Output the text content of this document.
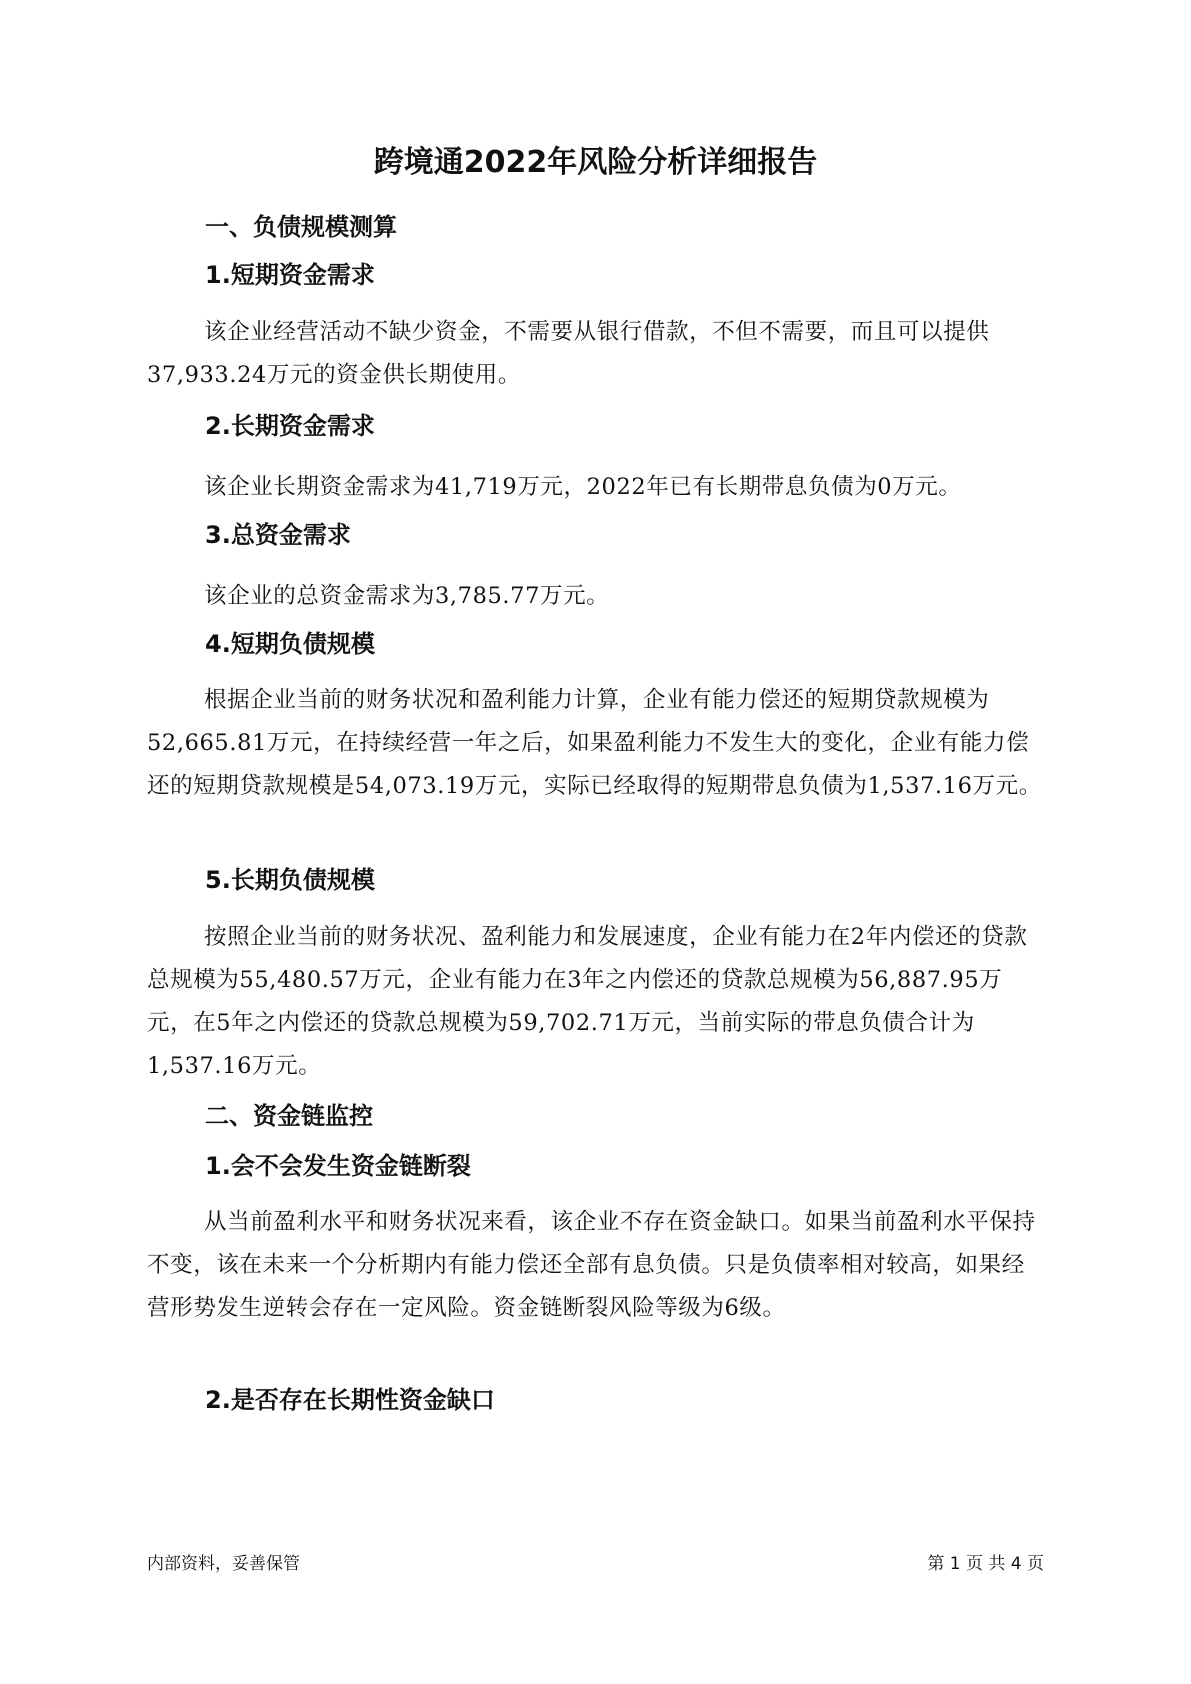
跨境通2022年风险分析详细报告
一、负债规模测算
1.短期资金需求

该企业经营活动不缺少资金，不需要从银行借款，不但不需要，而且可以提供37,933.24万元的资金供长期使用。

2.长期资金需求

该企业长期资金需求为41,719万元，2022年已有长期带息负债为0万元。

3.总资金需求

该企业的总资金需求为3,785.77万元。

4.短期负债规模

根据企业当前的财务状况和盈利能力计算，企业有能力偿还的短期贷款规模为52,665.81万元，在持续经营一年之后，如果盈利能力不发生大的变化，企业有能力偿还的短期贷款规模是54,073.19万元，实际已经取得的短期带息负债为1,537.16万元。

5.长期负债规模

按照企业当前的财务状况、盈利能力和发展速度，企业有能力在2年内偿还的贷款总规模为55,480.57万元，企业有能力在3年之内偿还的贷款总规模为56,887.95万元，在5年之内偿还的贷款总规模为59,702.71万元，当前实际的带息负债合计为1,537.16万元。

二、资金链监控
1.会不会发生资金链断裂

从当前盈利水平和财务状况来看，该企业不存在资金缺口。如果当前盈利水平保持不变，该在未来一个分析期内有能力偿还全部有息负债。只是负债率相对较高，如果经营形势发生逆转会存在一定风险。资金链断裂风险等级为6级。

2.是否存在长期性资金缺口
内部资料，妥善保管	第 1 页 共 4 页
